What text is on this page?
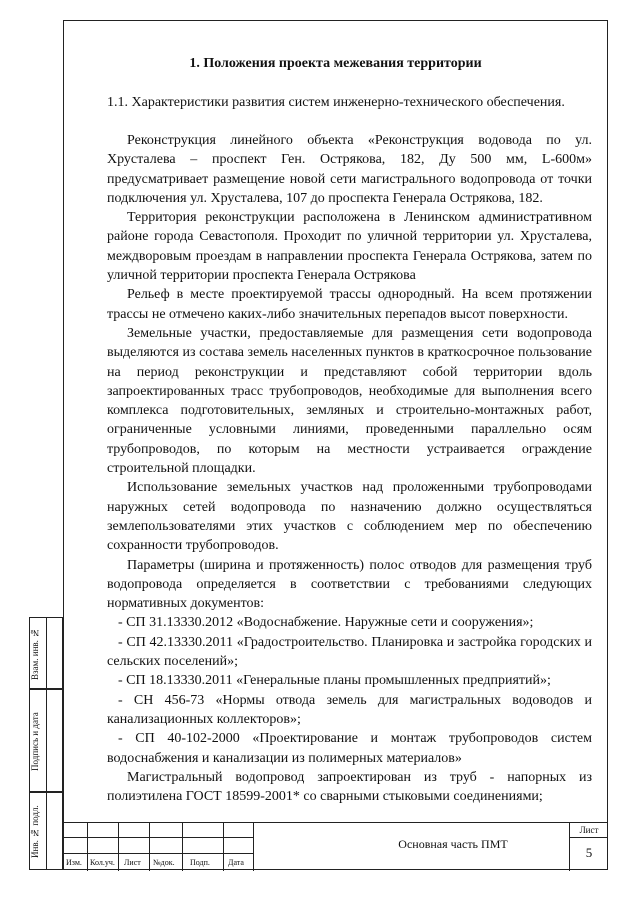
1. Положения проекта межевания территории
1.1. Характеристики развития систем инженерно-технического обеспечения.

Реконструкция линейного объекта «Реконструкция водовода по ул. Хрусталева – проспект Ген. Острякова, 182, Ду 500 мм, L-600м» предусматривает размещение новой сети магистрального водопровода от точки подключения ул. Хрусталева, 107 до проспекта Генерала Острякова, 182.

Территория реконструкции расположена в Ленинском административном районе города Севастополя. Проходит по уличной территории ул. Хрусталева, междворовым проездам в направлении проспекта Генерала Острякова, затем по уличной территории проспекта Генерала Острякова

Рельеф в месте проектируемой трассы однородный. На всем протяжении трассы не отмечено каких-либо значительных перепадов высот поверхности.

Земельные участки, предоставляемые для размещения сети водопровода выделяются из состава земель населенных пунктов в краткосрочное пользование на период реконструкции и представляют собой территории вдоль запроектированных трасс трубопроводов, необходимые для выполнения всего комплекса подготовительных, земляных и строительно-монтажных работ, ограниченные условными линиями, проведенными параллельно осям трубопроводов, по которым на местности устраивается ограждение строительной площадки.

Использование земельных участков над проложенными трубопроводами наружных сетей водопровода по назначению должно осуществляться землепользователями этих участков с соблюдением мер по обеспечению сохранности трубопроводов.

Параметры (ширина и протяженность) полос отводов для размещения труб водопровода определяется в соответствии с требованиями следующих нормативных документов:

- СП 31.13330.2012 «Водоснабжение. Наружные сети и сооружения»;

- СП 42.13330.2011 «Градостроительство. Планировка и застройка городских и сельских поселений»;

- СП 18.13330.2011 «Генеральные планы промышленных предприятий»;

- СН 456-73 «Нормы отвода земель для магистральных водоводов и канализационных коллекторов»;

- СП 40-102-2000 «Проектирование и монтаж трубопроводов систем водоснабжения и канализации из полимерных материалов»

Магистральный водопровод запроектирован из труб - напорных из полиэтилена ГОСТ 18599-2001* со сварными стыковыми соединениями;

Взам. инв. №
Подпись и дата
Инв. № подл.
Изм. Кол.уч. Лист №док. Подп. Дата
Основная часть ПМТ
Лист
5
